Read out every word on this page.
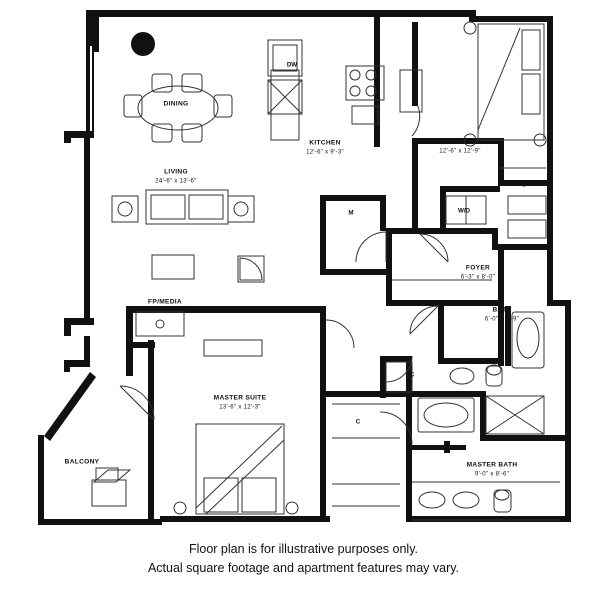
DINING
KITCHEN
12'-6" x 9'-3"
LIVING
24'-6" x 13'-6"
BEDROOM
12'-6" x 12'-9"
FOYER
6'-3" x 8'-0"
BATH
6'-0" x 8'-9"
FP/MEDIA
MASTER SUITE
13'-6" x 12'-3"
MASTER BATH
9'-0" x 8'-6"
BALCONY
DW
M	W/D
C
C
C
Floor plan is for illustrative purposes only.
Actual square footage and apartment features may vary.
